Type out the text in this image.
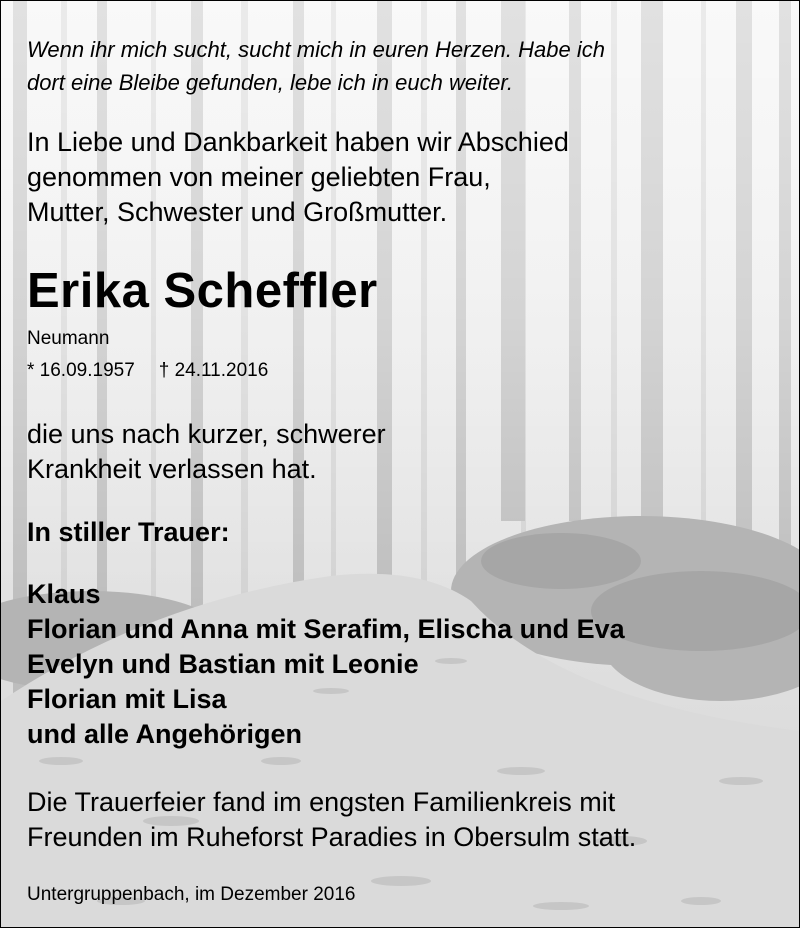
Wenn ihr mich sucht, sucht mich in euren Herzen. Habe ich
dort eine Bleibe gefunden, lebe ich in euch weiter.
In Liebe und Dankbarkeit haben wir Abschied
genommen von meiner geliebten Frau,
Mutter, Schwester und Großmutter.
Erika Scheffler
Neumann
* 16.09.1957 † 24.11.2016
die uns nach kurzer, schwerer
Krankheit verlassen hat.
In stiller Trauer:
Klaus
Florian und Anna mit Serafim, Elischa und Eva
Evelyn und Bastian mit Leonie
Florian mit Lisa
und alle Angehörigen
Die Trauerfeier fand im engsten Familienkreis mit
Freunden im Ruheforst Paradies in Obersulm statt.
Untergruppenbach, im Dezember 2016
